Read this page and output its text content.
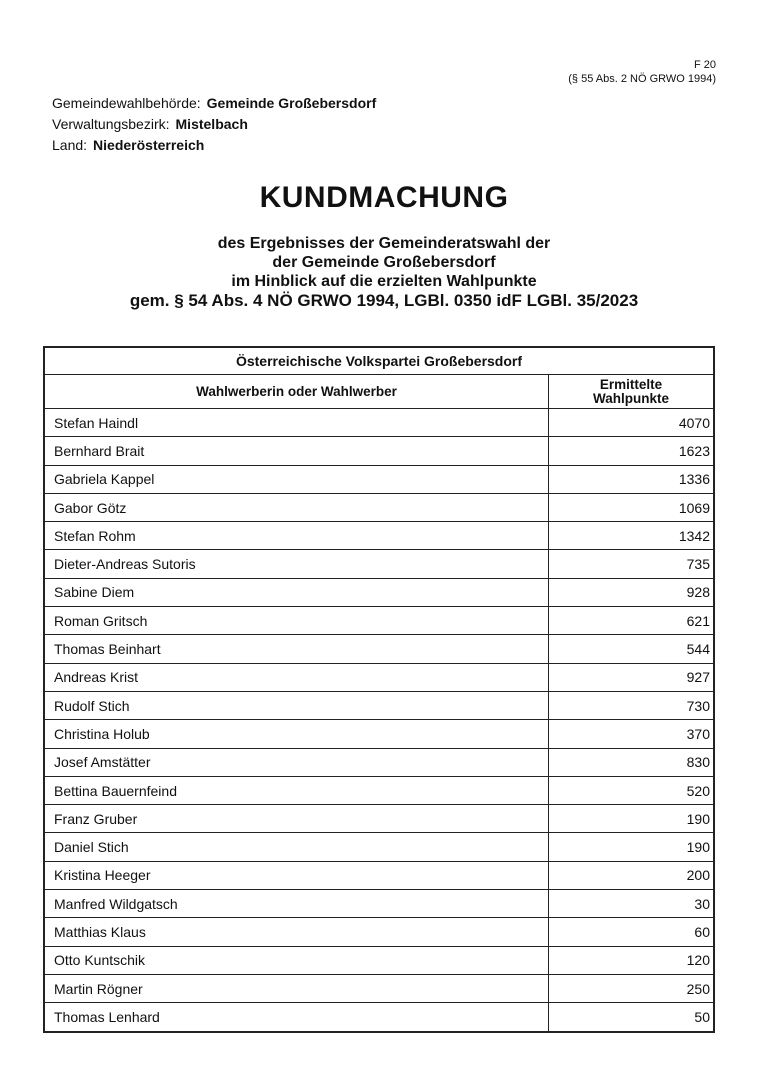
F 20
(§ 55 Abs. 2 NÖ GRWO 1994)
Gemeindewahlbehörde: Gemeinde Großebersdorf
Verwaltungsbezirk: Mistelbach
Land: Niederösterreich
KUNDMACHUNG
des Ergebnisses der Gemeinderatswahl der
der Gemeinde Großebersdorf
im Hinblick auf die erzielten Wahlpunkte
gem. § 54 Abs. 4 NÖ GRWO 1994, LGBl. 0350 idF LGBl. 35/2023
Österreichische Volkspartei Großebersdorf	
Wahlwerberin oder Wahlwerber	Ermittelte
Wahlpunkte

Stefan Haindl	4070
Bernhard Brait	1623
Gabriela Kappel	1336
Gabor Götz	1069
Stefan Rohm	1342
Dieter-Andreas Sutoris	735
Sabine Diem	928
Roman Gritsch	621
Thomas Beinhart	544
Andreas Krist	927
Rudolf Stich	730
Christina Holub	370
Josef Amstätter	830
Bettina Bauernfeind	520
Franz Gruber	190
Daniel Stich	190
Kristina Heeger	200
Manfred Wildgatsch	30
Matthias Klaus	60
Otto Kuntschik	120
Martin Rögner	250
Thomas Lenhard	50
